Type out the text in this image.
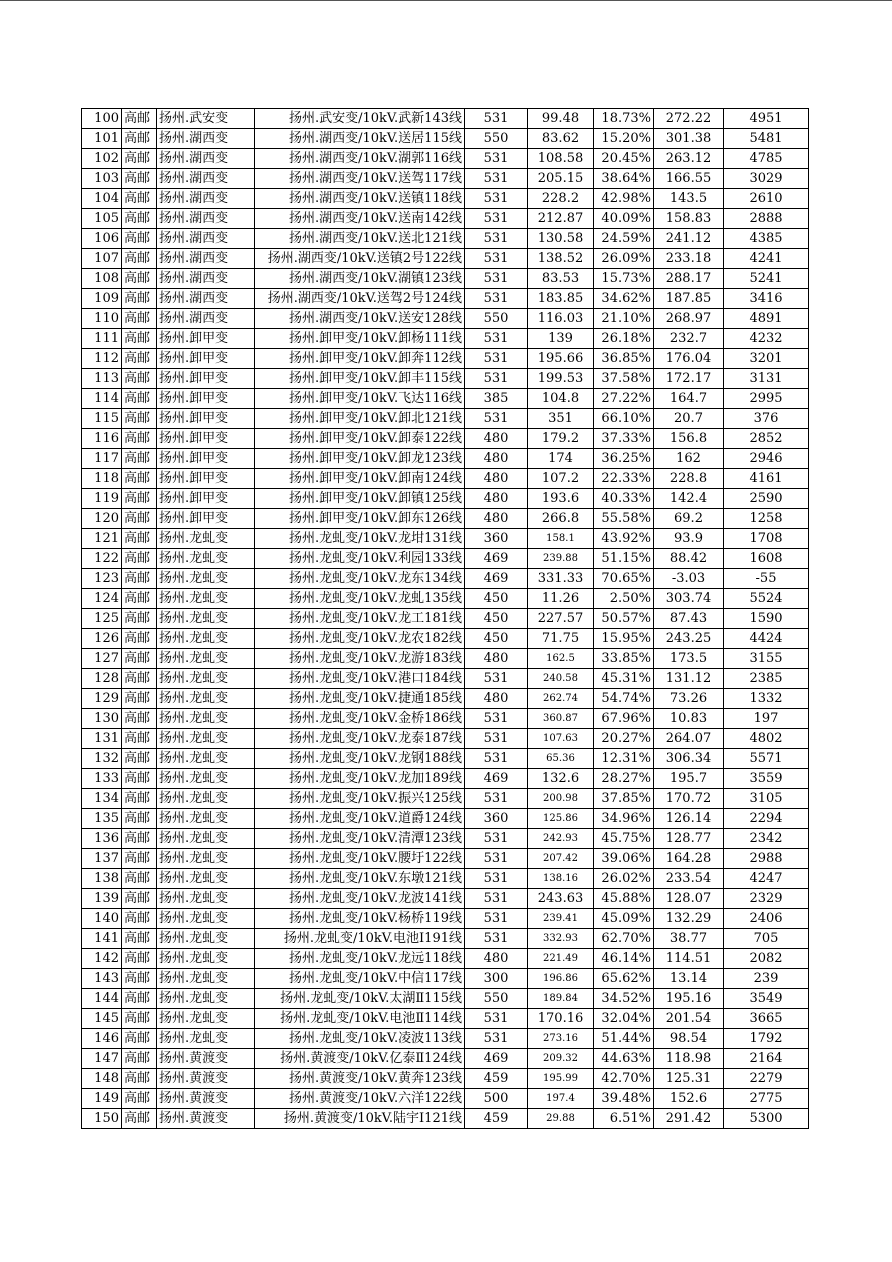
100	高邮	扬州.武安变	扬州.武安变/10kV.武新143线	531	99.48	18.73%	272.22	4951
101	高邮	扬州.湖西变	扬州.湖西变/10kV.送居115线	550	83.62	15.20%	301.38	5481
102	高邮	扬州.湖西变	扬州.湖西变/10kV.湖郭116线	531	108.58	20.45%	263.12	4785
103	高邮	扬州.湖西变	扬州.湖西变/10kV.送驾117线	531	205.15	38.64%	166.55	3029
104	高邮	扬州.湖西变	扬州.湖西变/10kV.送镇118线	531	228.2	42.98%	143.5	2610
105	高邮	扬州.湖西变	扬州.湖西变/10kV.送南142线	531	212.87	40.09%	158.83	2888
106	高邮	扬州.湖西变	扬州.湖西变/10kV.送北121线	531	130.58	24.59%	241.12	4385
107	高邮	扬州.湖西变	扬州.湖西变/10kV.送镇2号122线	531	138.52	26.09%	233.18	4241
108	高邮	扬州.湖西变	扬州.湖西变/10kV.湖镇123线	531	83.53	15.73%	288.17	5241
109	高邮	扬州.湖西变	扬州.湖西变/10kV.送驾2号124线	531	183.85	34.62%	187.85	3416
110	高邮	扬州.湖西变	扬州.湖西变/10kV.送安128线	550	116.03	21.10%	268.97	4891
111	高邮	扬州.卸甲变	扬州.卸甲变/10kV.卸杨111线	531	139	26.18%	232.7	4232
112	高邮	扬州.卸甲变	扬州.卸甲变/10kV.卸奔112线	531	195.66	36.85%	176.04	3201
113	高邮	扬州.卸甲变	扬州.卸甲变/10kV.卸丰115线	531	199.53	37.58%	172.17	3131
114	高邮	扬州.卸甲变	扬州.卸甲变/10kV.飞达116线	385	104.8	27.22%	164.7	2995
115	高邮	扬州.卸甲变	扬州.卸甲变/10kV.卸北121线	531	351	66.10%	20.7	376
116	高邮	扬州.卸甲变	扬州.卸甲变/10kV.卸泰122线	480	179.2	37.33%	156.8	2852
117	高邮	扬州.卸甲变	扬州.卸甲变/10kV.卸龙123线	480	174	36.25%	162	2946
118	高邮	扬州.卸甲变	扬州.卸甲变/10kV.卸南124线	480	107.2	22.33%	228.8	4161
119	高邮	扬州.卸甲变	扬州.卸甲变/10kV.卸镇125线	480	193.6	40.33%	142.4	2590
120	高邮	扬州.卸甲变	扬州.卸甲变/10kV.卸东126线	480	266.8	55.58%	69.2	1258
121	高邮	扬州.龙虬变	扬州.龙虬变/10kV.龙坩131线	360	158.1	43.92%	93.9	1708
122	高邮	扬州.龙虬变	扬州.龙虬变/10kV.利园133线	469	239.88	51.15%	88.42	1608
123	高邮	扬州.龙虬变	扬州.龙虬变/10kV.龙东134线	469	331.33	70.65%	-3.03	-55
124	高邮	扬州.龙虬变	扬州.龙虬变/10kV.龙虬135线	450	11.26	2.50%	303.74	5524
125	高邮	扬州.龙虬变	扬州.龙虬变/10kV.龙工181线	450	227.57	50.57%	87.43	1590
126	高邮	扬州.龙虬变	扬州.龙虬变/10kV.龙农182线	450	71.75	15.95%	243.25	4424
127	高邮	扬州.龙虬变	扬州.龙虬变/10kV.龙游183线	480	162.5	33.85%	173.5	3155
128	高邮	扬州.龙虬变	扬州.龙虬变/10kV.港口184线	531	240.58	45.31%	131.12	2385
129	高邮	扬州.龙虬变	扬州.龙虬变/10kV.捷通185线	480	262.74	54.74%	73.26	1332
130	高邮	扬州.龙虬变	扬州.龙虬变/10kV.金桥186线	531	360.87	67.96%	10.83	197
131	高邮	扬州.龙虬变	扬州.龙虬变/10kV.龙泰187线	531	107.63	20.27%	264.07	4802
132	高邮	扬州.龙虬变	扬州.龙虬变/10kV.龙钢188线	531	65.36	12.31%	306.34	5571
133	高邮	扬州.龙虬变	扬州.龙虬变/10kV.龙加189线	469	132.6	28.27%	195.7	3559
134	高邮	扬州.龙虬变	扬州.龙虬变/10kV.振兴125线	531	200.98	37.85%	170.72	3105
135	高邮	扬州.龙虬变	扬州.龙虬变/10kV.道爵124线	360	125.86	34.96%	126.14	2294
136	高邮	扬州.龙虬变	扬州.龙虬变/10kV.清潭123线	531	242.93	45.75%	128.77	2342
137	高邮	扬州.龙虬变	扬州.龙虬变/10kV.腰圩122线	531	207.42	39.06%	164.28	2988
138	高邮	扬州.龙虬变	扬州.龙虬变/10kV.东墩121线	531	138.16	26.02%	233.54	4247
139	高邮	扬州.龙虬变	扬州.龙虬变/10kV.龙波141线	531	243.63	45.88%	128.07	2329
140	高邮	扬州.龙虬变	扬州.龙虬变/10kV.杨桥119线	531	239.41	45.09%	132.29	2406
141	高邮	扬州.龙虬变	扬州.龙虬变/10kV.电池Ⅰ191线	531	332.93	62.70%	38.77	705
142	高邮	扬州.龙虬变	扬州.龙虬变/10kV.龙远118线	480	221.49	46.14%	114.51	2082
143	高邮	扬州.龙虬变	扬州.龙虬变/10kV.中信117线	300	196.86	65.62%	13.14	239
144	高邮	扬州.龙虬变	扬州.龙虬变/10kV.太湖Ⅱ115线	550	189.84	34.52%	195.16	3549
145	高邮	扬州.龙虬变	扬州.龙虬变/10kV.电池Ⅱ114线	531	170.16	32.04%	201.54	3665
146	高邮	扬州.龙虬变	扬州.龙虬变/10kV.凌波113线	531	273.16	51.44%	98.54	1792
147	高邮	扬州.黄渡变	扬州.黄渡变/10kV.亿泰Ⅱ124线	469	209.32	44.63%	118.98	2164
148	高邮	扬州.黄渡变	扬州.黄渡变/10kV.黄奔123线	459	195.99	42.70%	125.31	2279
149	高邮	扬州.黄渡变	扬州.黄渡变/10kV.六洋122线	500	197.4	39.48%	152.6	2775
150	高邮	扬州.黄渡变	扬州.黄渡变/10kV.陆宇Ⅰ121线	459	29.88	6.51%	291.42	5300
